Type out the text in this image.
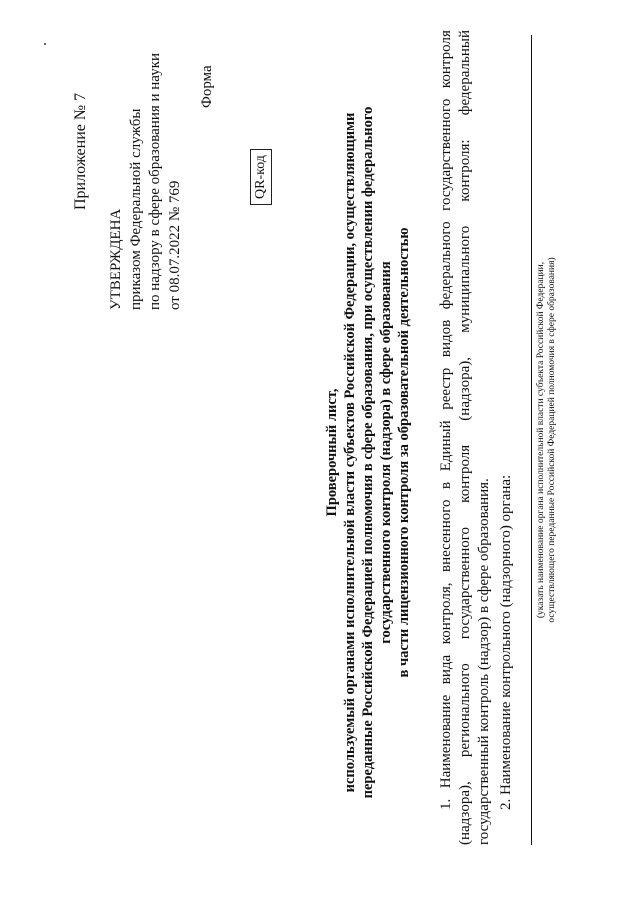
Приложение № 7
УТВЕРЖДЕНА приказом Федеральной службы по надзору в сфере образования и науки от 08.07.2022 № 769
Форма
QR-код
Проверочный лист, используемый органами исполнительной власти субъектов Российской Федерации, осуществляющими переданные Российской Федерацией полномочия в сфере образования, при осуществлении федерального государственного контроля (надзора) в сфере образования в части лицензионного контроля за образовательной деятельностью
1.
Наименование
вида
контроля,
внесенного
в
Единый
реестр
видов
федерального
государственного
контроля
(надзора),
регионального
государственного
контроля
(надзора),
муниципального
контроля:
федеральный
государственный контроль (надзор) в сфере образования. 2. Наименование контрольного (надзорного) органа:
(указать наименование органа исполнительной власти субъекта Российской Федерации, осуществляющего переданные Российской Федерацией полномочия в сфере образования)
